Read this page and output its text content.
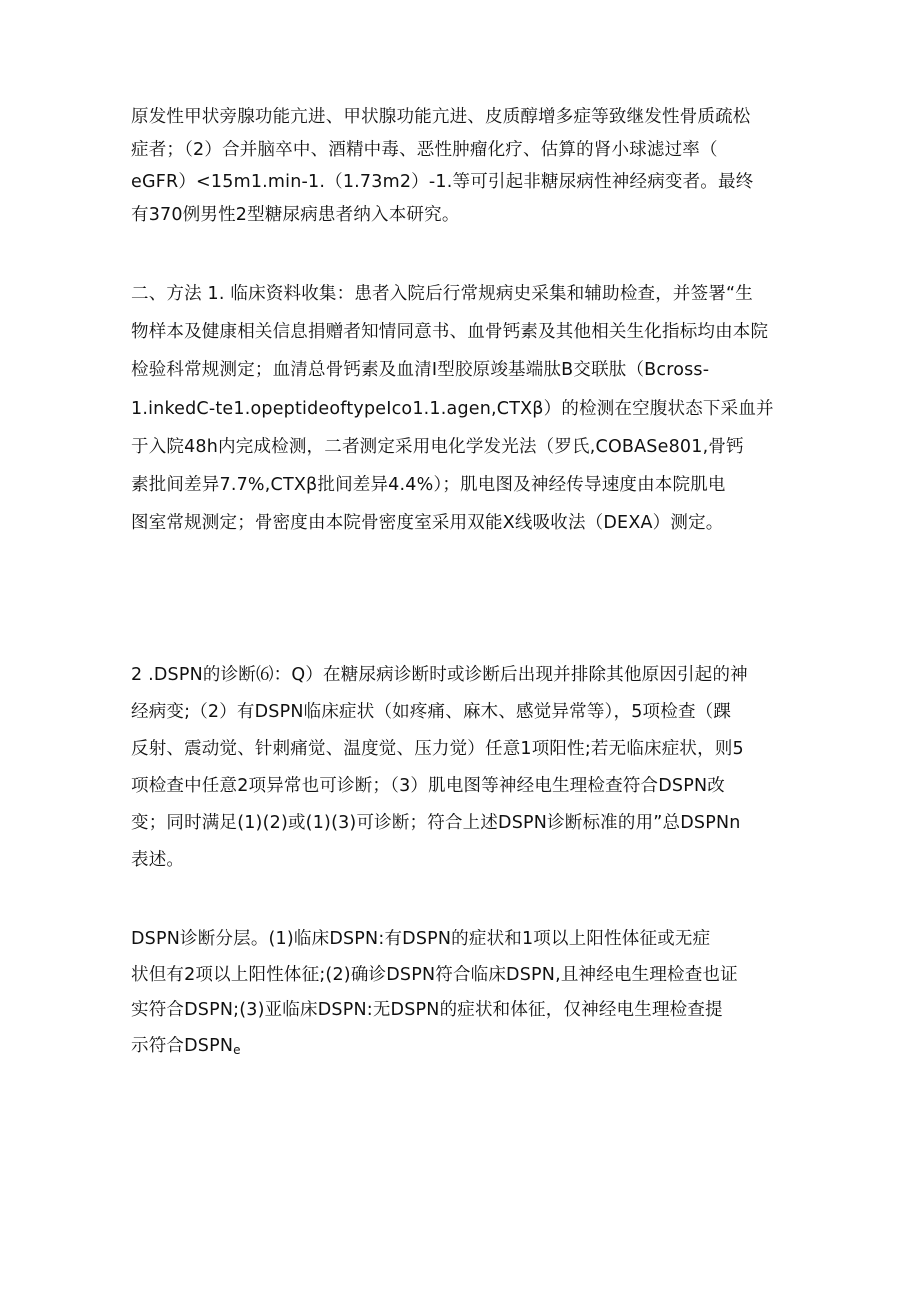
原发性甲状旁腺功能亢进、甲状腺功能亢进、皮质醇增多症等致继发性骨质疏松
症者；（2）合并脑卒中、酒精中毒、恶性肿瘤化疗、估算的肾小球滤过率（
eGFR）<15m1.min-1.（1.73m2）-1.等可引起非糖尿病性神经病变者。最终
有370例男性2型糖尿病患者纳入本研究。

二、方法 1. 临床资料收集：患者入院后行常规病史采集和辅助检查，并签署“生
物样本及健康相关信息捐赠者知情同意书、血骨钙素及其他相关生化指标均由本院
检验科常规测定；血清总骨钙素及血清Ⅰ型胶原竣基端肽B交联肽（Bcross-
1.inkedC-te1.opeptideoftypeIco1.1.agen,CTXβ）的检测在空腹状态下采血并
于入院48h内完成检测，二者测定采用电化学发光法（罗氏,COBASe801,骨钙
素批间差异7.7%,CTXβ批间差异4.4%）；肌电图及神经传导速度由本院肌电
图室常规测定；骨密度由本院骨密度室采用双能X线吸收法（DEXA）测定。

2 .DSPN的诊断⑹：Q）在糖尿病诊断时或诊断后出现并排除其他原因引起的神
经病变;（2）有DSPN临床症状（如疼痛、麻木、感觉异常等），5项检查（踝
反射、震动觉、针刺痛觉、温度觉、压力觉）任意1项阳性;若无临床症状，则5
项检查中任意2项异常也可诊断；（3）肌电图等神经电生理检查符合DSPN改
变；同时满足(1)(2)或(1)(3)可诊断；符合上述DSPN诊断标准的用”总DSPNn
表述。

DSPN诊断分层。(1)临床DSPN:有DSPN的症状和1项以上阳性体征或无症
状但有2项以上阳性体征;(2)确诊DSPN符合临床DSPN,且神经电生理检查也证
实符合DSPN;(3)亚临床DSPN:无DSPN的症状和体征，仅神经电生理检查提
示符合$DSPN_e$
